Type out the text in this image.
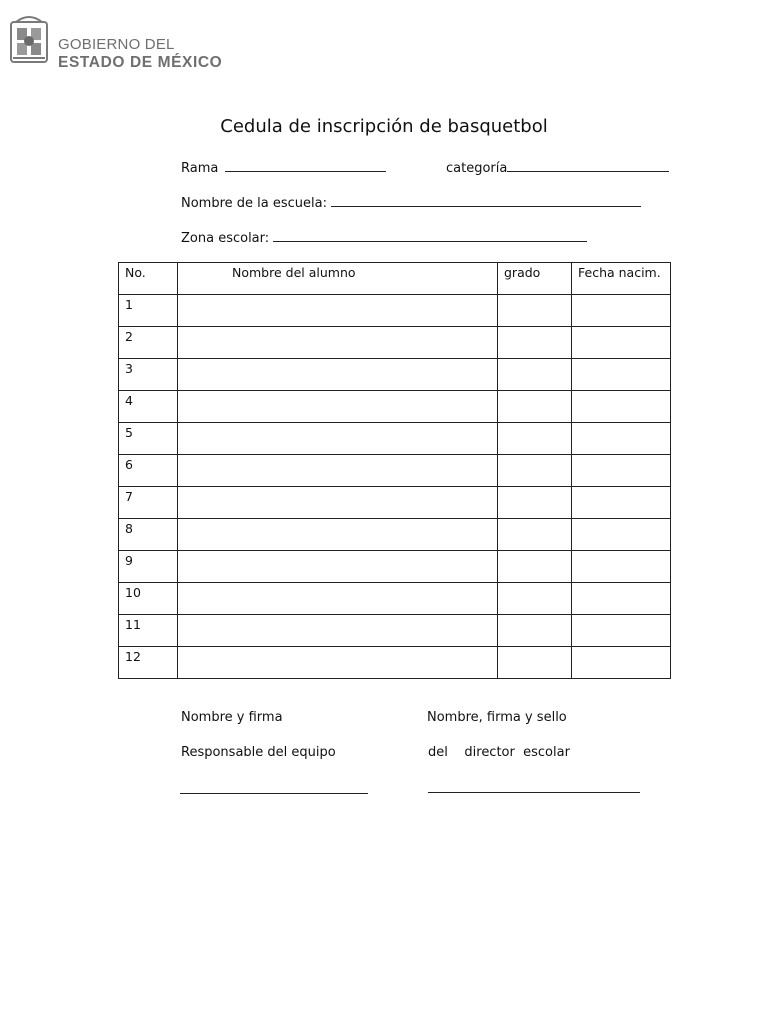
GOBIERNO DEL
ESTADO DE MÉXICO
Cedula de inscripción de basquetbol
Rama	categoría
Nombre de la escuela:
Zona escolar:
No.	Nombre del alumno	grado	Fecha nacim.
1			
2			
3			
4			
5			
6			
7			
8			
9			
10			
11			
12			
Nombre y firma
Responsable del equipo
Nombre, firma y sello
del    director  escolar
